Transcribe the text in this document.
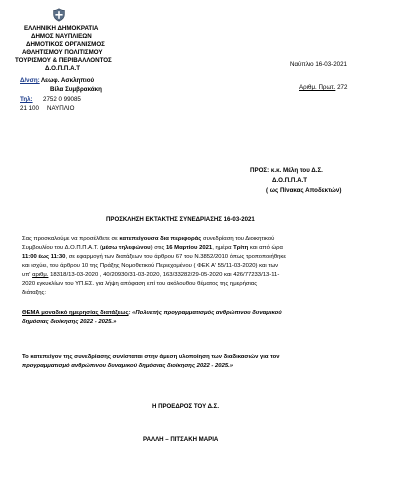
ΕΛΛΗΝΙΚΗ ΔΗΜΟΚΡΑΤΙΑ
ΔΗΜΟΣ ΝΑΥΠΛΙΕΩΝ
ΔΗΜΟΤΙΚΟΣ ΟΡΓΑΝΙΣΜΟΣ
ΑΘΛΗΤΙΣΜΟΥ ΠΟΛΙΤΙΣΜΟΥ
ΤΟΥΡΙΣΜΟΥ & ΠΕΡΙΒΑΛΛΟΝΤΟΣ
Δ.Ο.Π.Π.Α.Τ
Δ/νση: Λεωφ. Ασκληπιού
Βίλα Συμβρακάκη
Τηλ: 2752 0 99085
21 100 ΝΑΥΠΛΙΟ
Ναύπλιο 16-03-2021
Αριθμ. Πρωτ. 272
ΠΡΟΣ: κ.κ. Μέλη του Δ.Σ.
Δ.Ο.Π.Π.Α.Τ
( ως Πίνακας Αποδεκτών)
ΠΡΟΣΚΛΗΣΗ ΕΚΤΑΚΤΗΣ ΣΥΝΕΔΡΙΑΣΗΣ 16-03-2021
Σας προσκαλούμε να προσέλθετε σε κατεπείγουσα δια περιφοράς συνεδρίαση του Διοικητικού
Συμβουλίου του Δ.Ο.Π.Π.Α.Τ. (μέσω τηλεφώνου) στις 16 Μαρτίου 2021, ημέρα Τρίτη και από ώρα
11:00 έως 11:30, σε εφαρμογή των διατάξεων του άρθρου 67 του Ν.3852/2010 όπως τροποποιήθηκε
και ισχύει, του άρθρου 10 της Πράξης Νομοθετικού Περιεχομένου ( ΦΕΚ Α' 55/11-03-2020) και των
υπ' αριθμ. 18318/13-03-2020 , 40/20930/31-03-2020, 163/33282/29-05-2020 και 426/77233/13-11-
2020 εγκυκλίων του ΥΠ.ΕΣ. για λήψη απόφαση επί του ακόλουθου θέματος της ημερήσιας
διάταξης:
ΘΕΜΑ μοναδικό ημερησίας διατάξεως: «Πολυετής προγραμματισμός ανθρώπινου δυναμικού
δημόσιας διοίκησης 2022 - 2025.»
Το κατεπείγον της συνεδρίασης συνίσταται στην άμεση υλοποίηση των διαδικασιών για τον
προγραμματισμό ανθρώπινου δυναμικού δημόσιας διοίκησης 2022 - 2025.»
Η ΠΡΟΕΔΡΟΣ ΤΟΥ Δ.Σ.
ΡΑΛΛΗ – ΠΙΤΣΑΚΗ ΜΑΡΙΑ
